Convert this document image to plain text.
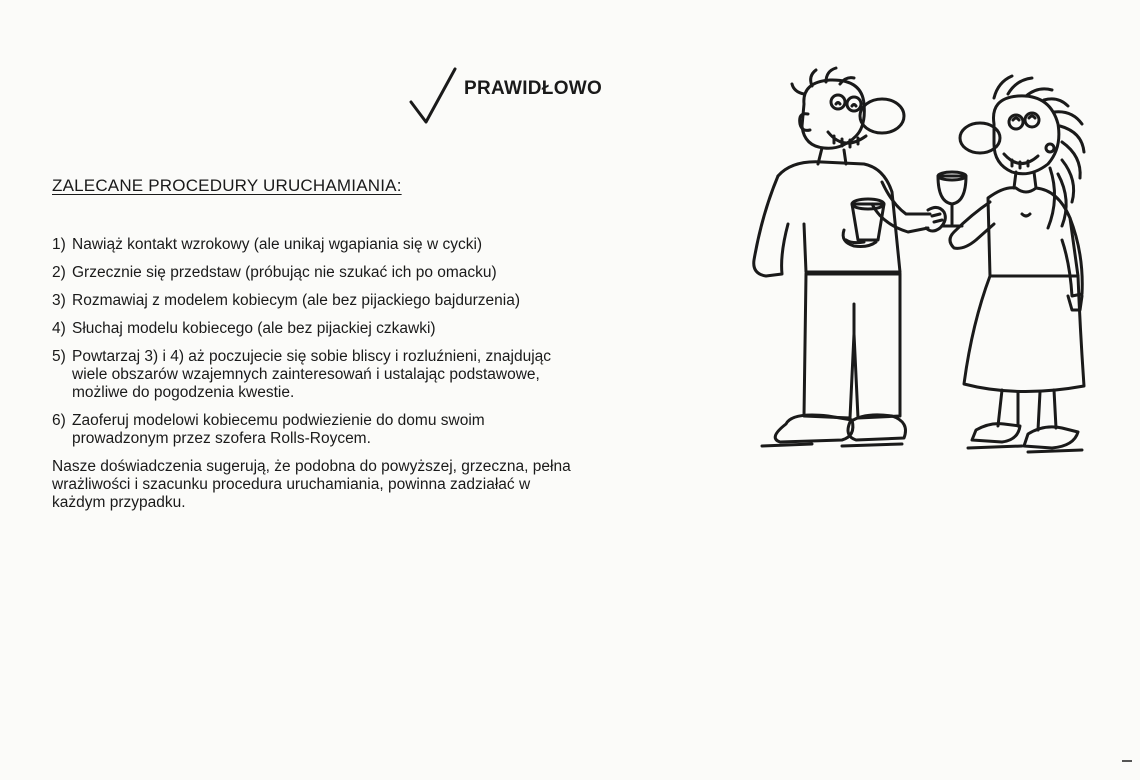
PRAWIDŁOWO
ZALECANE PROCEDURY URUCHAMIANIA:
1) Nawiąż kontakt wzrokowy (ale unikaj wgapiania się w cycki)
2) Grzecznie się przedstaw (próbując nie szukać ich po omacku)
3) Rozmawiaj z modelem kobiecym (ale bez pijackiego bajdurzenia)
4) Słuchaj modelu kobiecego (ale bez pijackiej czkawki)
5) Powtarzaj 3) i 4) aż poczujecie się sobie bliscy i rozluźnieni, znajdując wiele obszarów wzajemnych zainteresowań i ustalając podstawowe, możliwe do pogodzenia kwestie.
6) Zaoferuj modelowi kobiecemu podwiezienie do domu swoim prowadzonym przez szofera Rolls-Roycem.

Nasze doświadczenia sugerują, że podobna do powyższej, grzeczna, pełna wrażliwości i szacunku procedura uruchamiania, powinna zadziałać w każdym przypadku.
